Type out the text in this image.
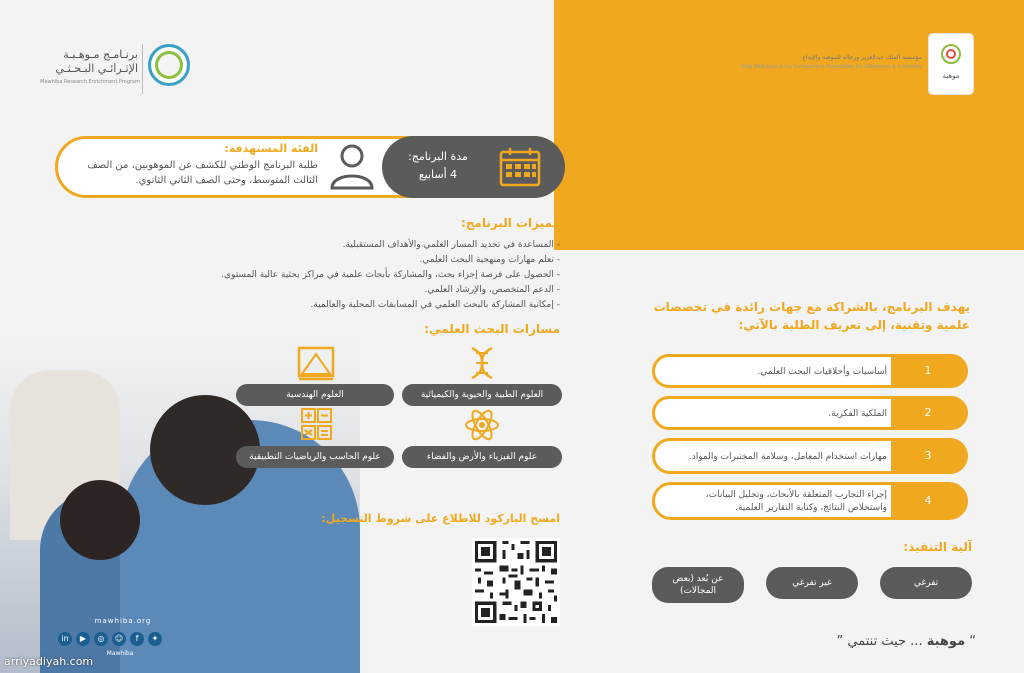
موهبة
مؤسسة الملك عبدالعزيز ورجاله للموهبة والإبداع
King Abdulaziz & his Companions Foundation for Giftedness & Creativity
برنـامـج مـوهـبـة
الإثـرائـي البـحـثـي
Mawhiba Research Enrichment Program
برنامج مـوهبة
الإثرائي البحثي
الفئة المستهدفة:
طلبة البرنامج الوطني للكشف عن الموهوبين، من الصف الثالث المتوسط، وحتى الصف الثاني الثانوي.
مدة البرنامج:
4 أسابيع
مميزات البرنامج:
- المساعدة في تحديد المسار العلمي والأهداف المستقبلية.
- تعلم مهارات ومنهجية البحث العلمي.
- الحصول على فرصة إجراء بحث، والمشاركة بأبحاث علمية في مراكز بحثية عالية المستوى.
- الدعم المتخصص، والإرشاد العلمي.
- إمكانية المشاركة بالبحث العلمي في المسابقات المحلية والعالمية.
مسارات البحث العلمي:
العلوم الطبية والحيوية والكيميائية
العلوم الهندسية
علوم الفيزياء والأرض والفضاء
علوم الحاسب والرياضيات التطبيقية
امسح الباركود للاطلاع على شروط التسجيل:
mawhiba.org
in	▶	◎	☺	f	✦
Mawhiba
يهدف البرنامج، بالشراكة مع جهات رائدة في تخصصات علمية وتقنية، إلى تعريف الطلبة بالآتي:
1
أساسيات وأخلاقيات البحث العلمي.
2
الملكية الفكرية.
3
مهارات استخدام المعامل، وسلامة المختبرات والمواد.
4
إجراء التجارب المتعلقة بالأبحاث، وتحليل البيانات، واستخلاص النتائج، وكتابة التقارير العلمية.
آلية التنفيذ:
تفرغي
غير تفرغي
عن بُعد (بعض المجالات)
“ موهبة ... حيث تنتمي ”
arriyadiyah.com
